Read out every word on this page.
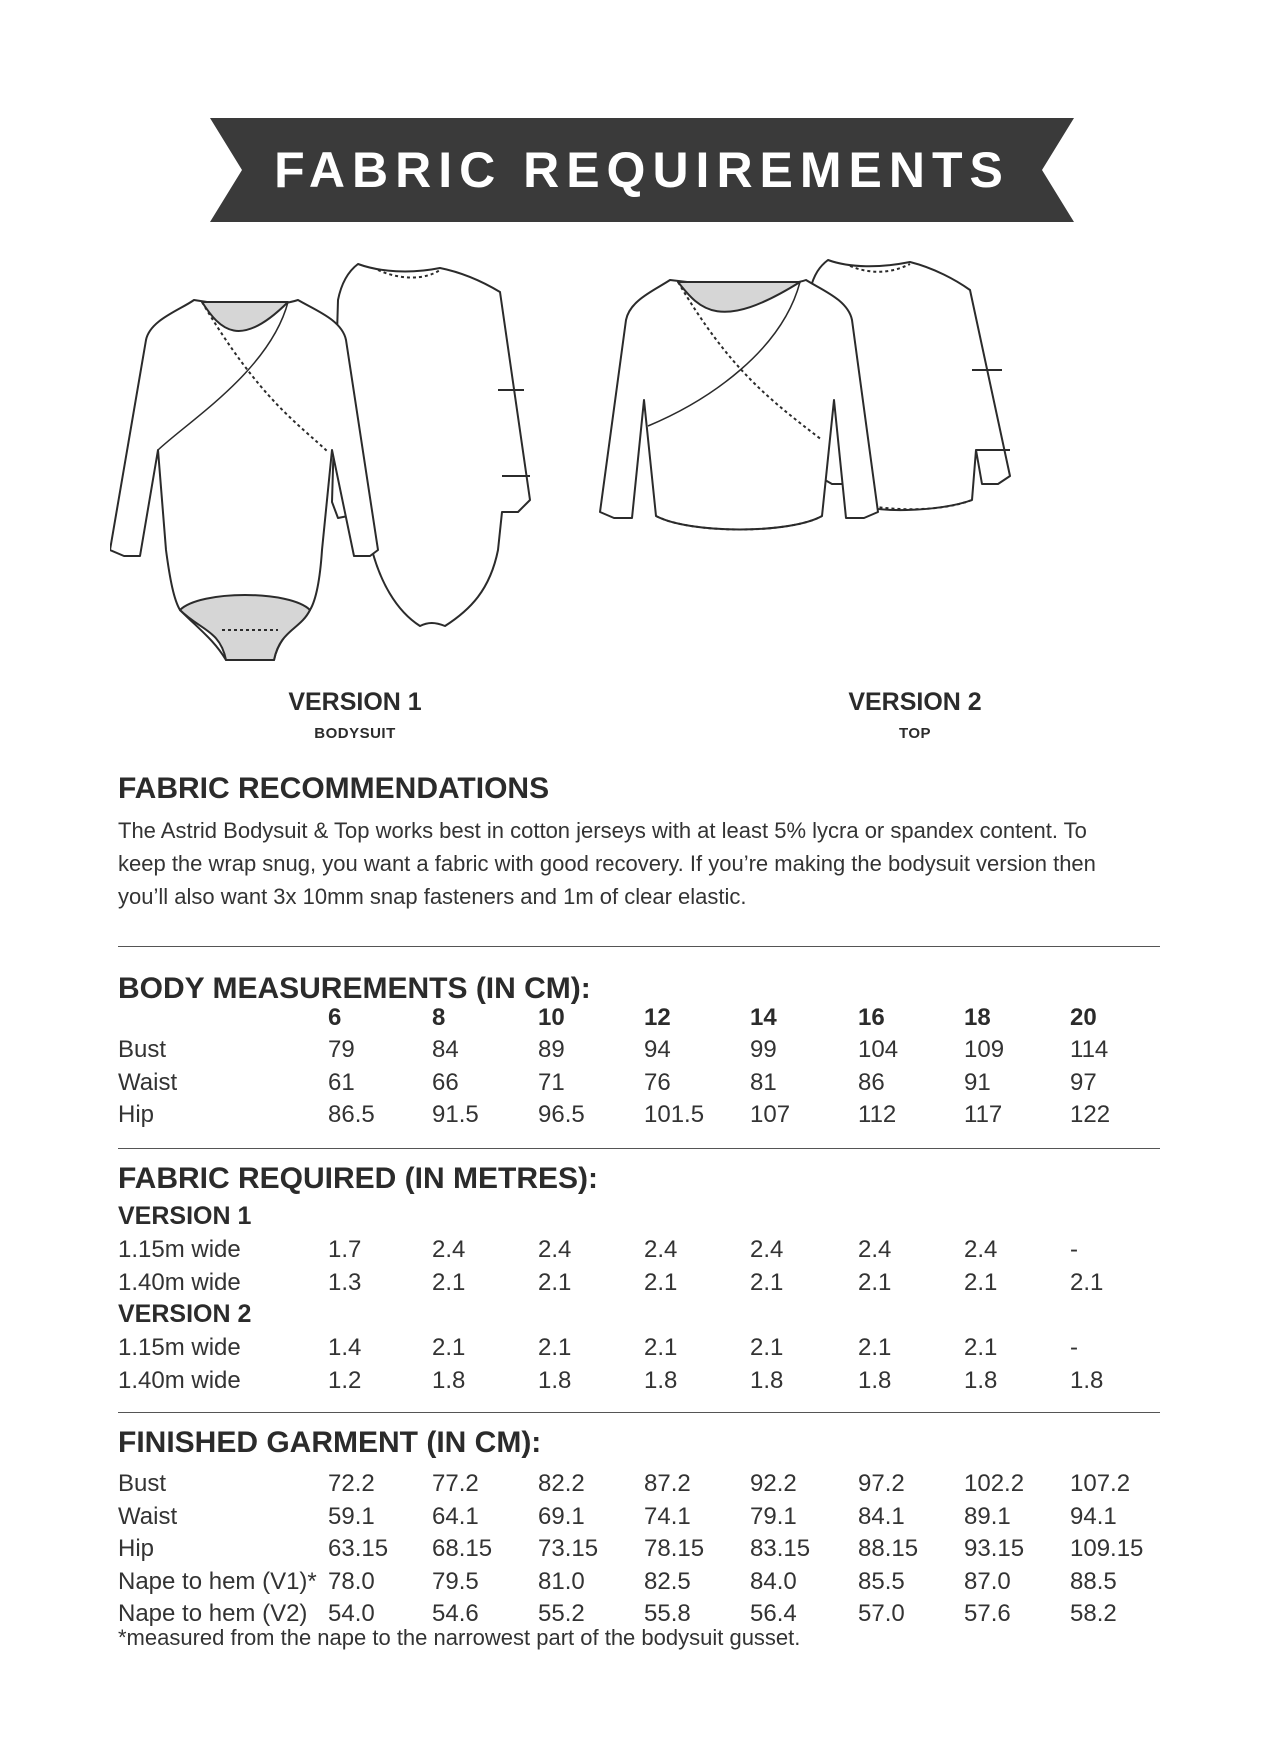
FABRIC REQUIREMENTS
VERSION 1
BODYSUIT
VERSION 2
TOP
FABRIC RECOMMENDATIONS
The Astrid Bodysuit & Top works best in cotton jerseys with at least 5% lycra or spandex content. To
keep the wrap snug, you want a fabric with good recovery. If you’re making the bodysuit version then
you’ll also want 3x 10mm snap fasteners and 1m of clear elastic.
BODY MEASUREMENTS (IN CM):
6	8	10	12	14	16	18	20
Bust	79	84	89	94	99	104	109	114
Waist	61	66	71	76	81	86	91	97
Hip	86.5 91.5 96.5 101.5 107	112	117	122
1.15m wide	1.7	2.4	2.4	2.4	2.4	2.4	2.4	-
1.40m wide	1.3	2.1	2.1	2.1	2.1	2.1	2.1	2.1
1.15m wide	1.4	2.1	2.1	2.1	2.1	2.1	2.1	-
1.40m wide	1.2	1.8	1.8	1.8	1.8	1.8	1.8	1.8
Bust	72.2 77.2 82.2 87.2 92.2	97.2 102.2 107.2
Waist	59.1 64.1 69.1 74.1 79.1	84.1 89.1 94.1
Hip	63.15 68.15 73.15 78.15 83.15 88.15 93.15 109.15
Nape to hem (V1)* 78.0 79.5 81.0 82.5 84.0	85.5 87.0 88.5
Nape to hem (V2) 54.0 54.6 55.2 55.8 56.4	57.0 57.6 58.2
FABRIC REQUIRED (IN METRES):
VERSION 1
VERSION 2
FINISHED GARMENT (IN CM):
*measured from the nape to the narrowest part of the bodysuit gusset.
